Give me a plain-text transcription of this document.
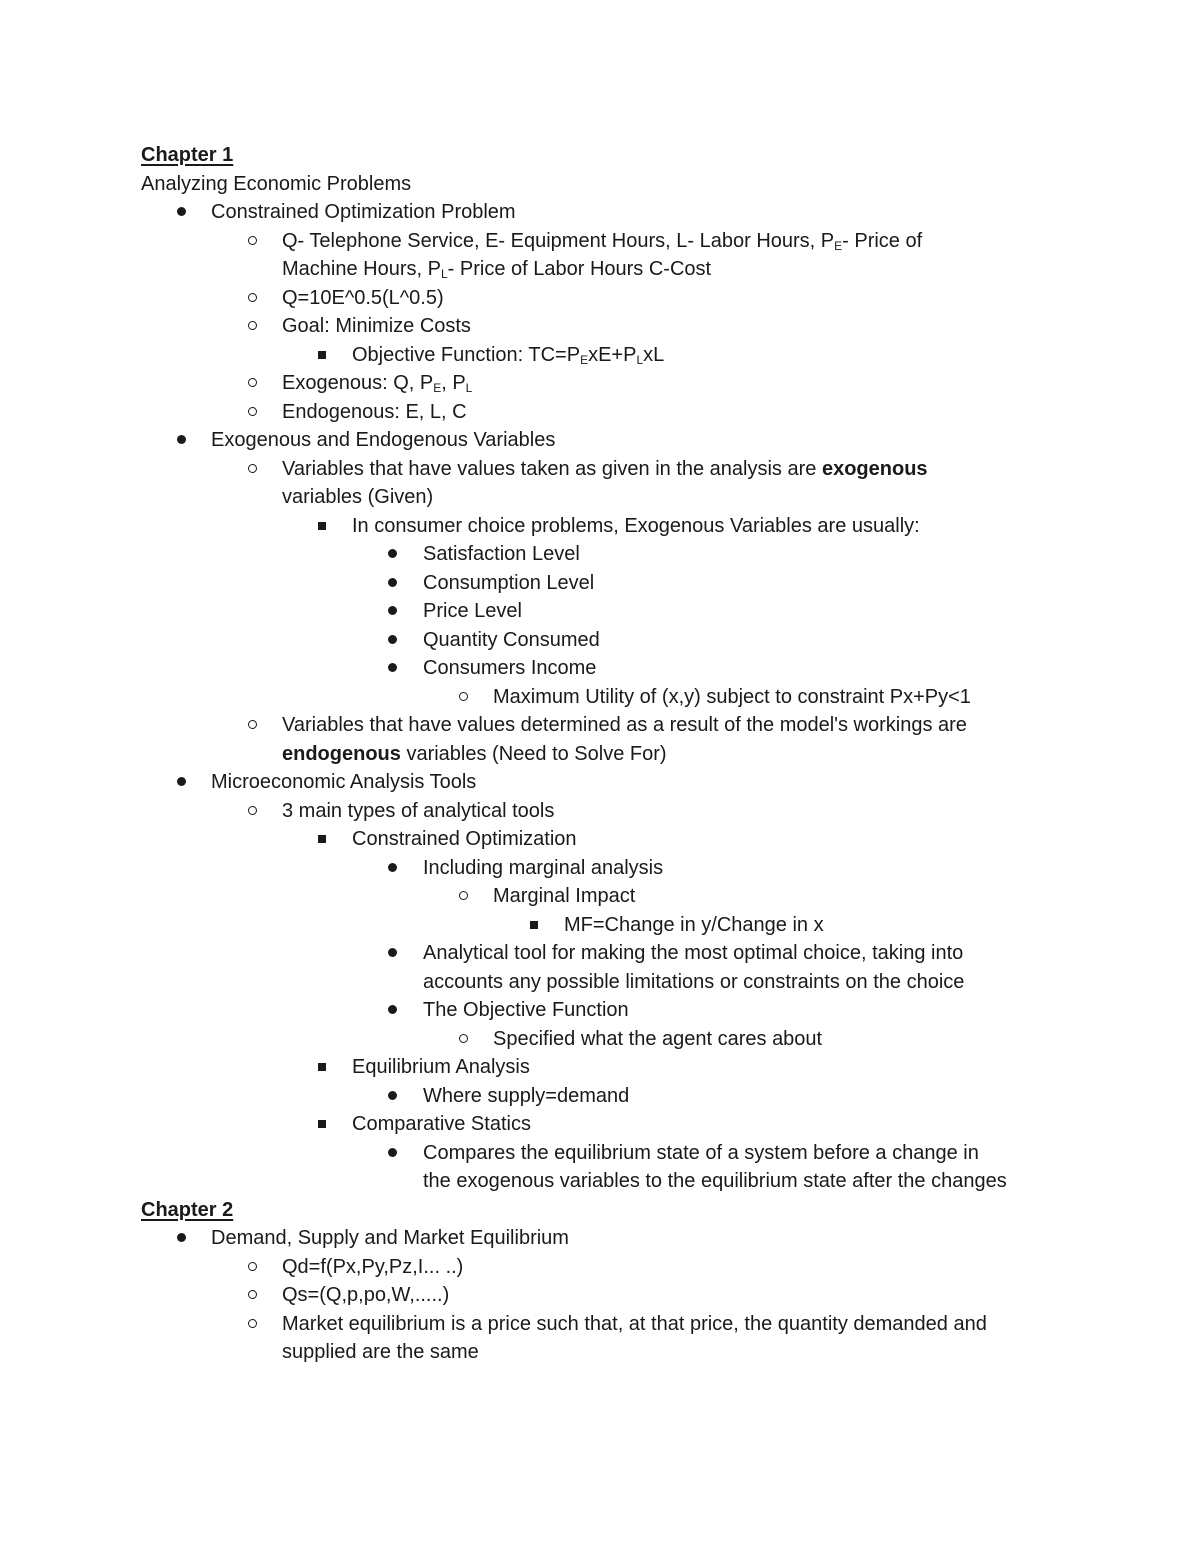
Chapter 1
Analyzing Economic Problems
Constrained Optimization Problem
Q- Telephone Service, E- Equipment Hours, L- Labor Hours, $P_E-$ Price of
Machine Hours, $P_L-$ Price of Labor Hours C-Cost
Q=10E^0.5(L^0.5)
Goal: Minimize Costs
Objective Function: $TC=P_ExE+P_LxL$
Exogenous: Q, $P_E$, $P_L$
Endogenous: E, L, C
Exogenous and Endogenous Variables
Variables that have values taken as given in the analysis are exogenous
variables (Given)
In consumer choice problems, Exogenous Variables are usually:
Satisfaction Level
Consumption Level
Price Level
Quantity Consumed
Consumers Income
Maximum Utility of (x,y) subject to constraint Px+Py<1
Variables that have values determined as a result of the model's workings are
endogenous variables (Need to Solve For)
Microeconomic Analysis Tools
3 main types of analytical tools
Constrained Optimization
Including marginal analysis
Marginal Impact
MF=Change in y/Change in x
Analytical tool for making the most optimal choice, taking into
accounts any possible limitations or constraints on the choice
The Objective Function
Specified what the agent cares about
Equilibrium Analysis
Where supply=demand
Comparative Statics
Compares the equilibrium state of a system before a change in
the exogenous variables to the equilibrium state after the changes
Chapter 2
Demand, Supply and Market Equilibrium
Qd=f(Px,Py,Pz,I... ..)
Qs=(Q,p,po,W,.....)
Market equilibrium is a price such that, at that price, the quantity demanded and
supplied are the same
